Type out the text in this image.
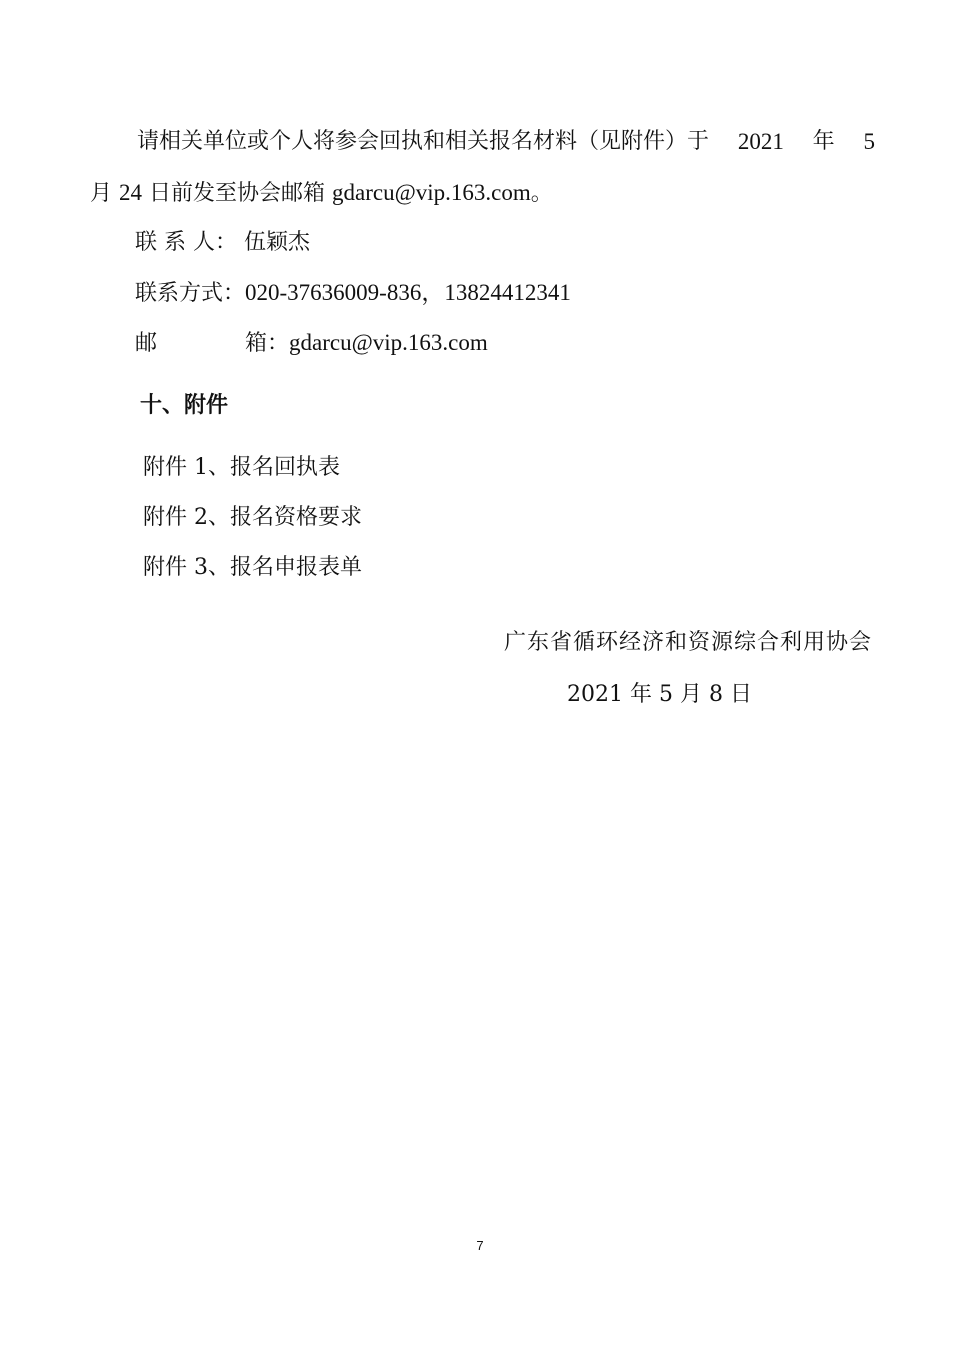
请相关单位或个人将参会回执和相关报名材料（见附件）于 2021 年 5
月 24 日前发至协会邮箱 gdarcu@vip.163.com。
联 系 人： 伍颖杰
联系方式：020-37636009-836，13824412341
邮	箱：gdarcu@vip.163.com
十、附件
附件 1、报名回执表
附件 2、报名资格要求
附件 3、报名申报表单
广东省循环经济和资源综合利用协会
2021 年 5 月 8 日
7
